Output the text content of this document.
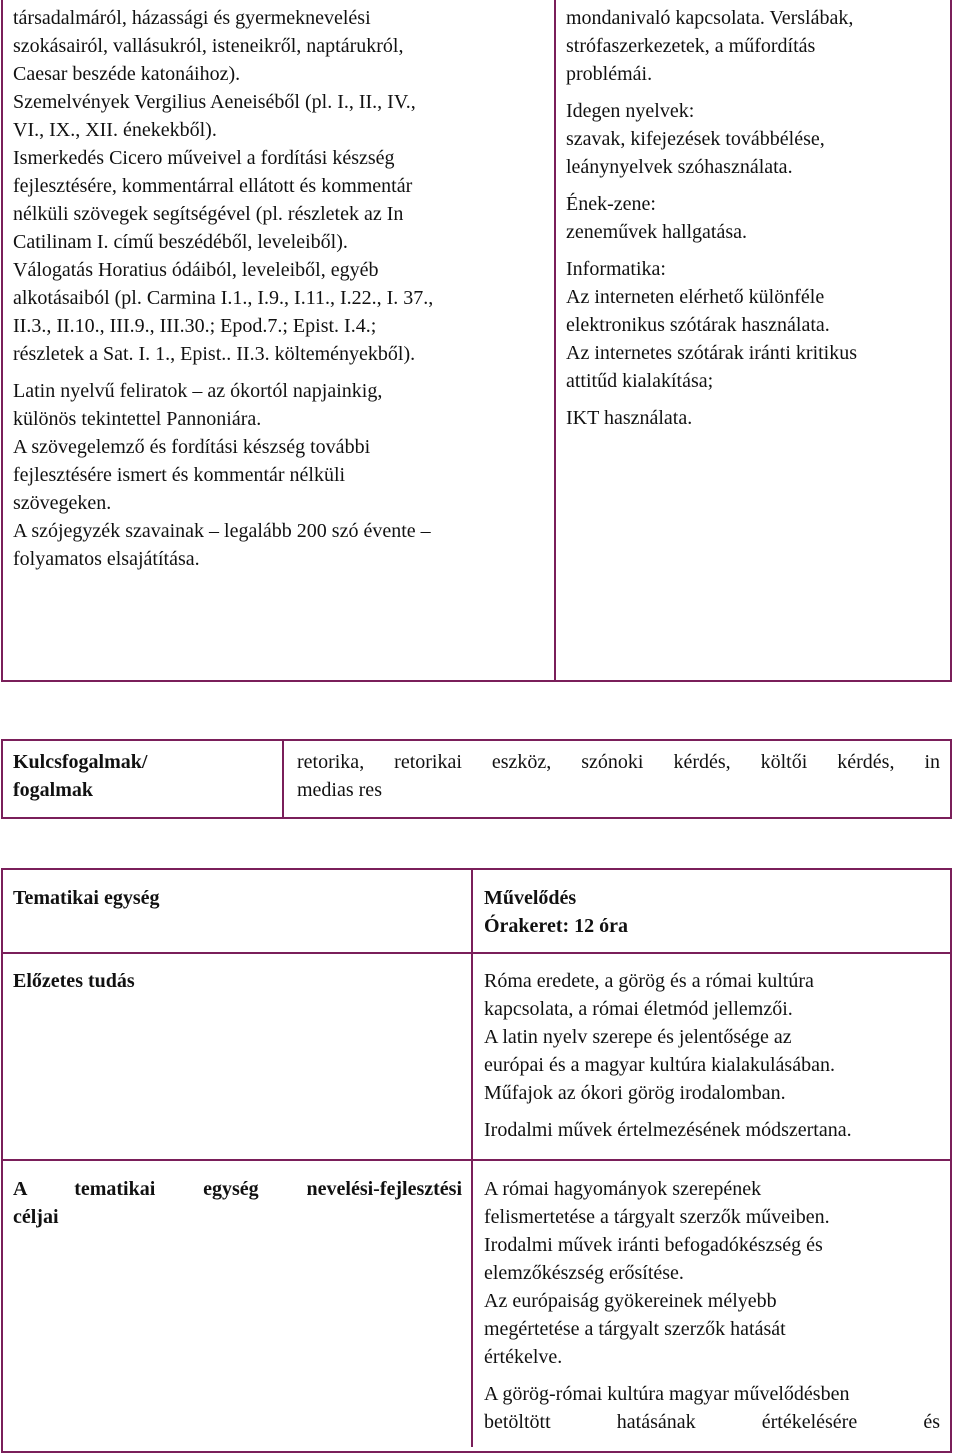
társadalmáról, házassági és gyermeknevelési

szokásairól, vallásukról, isteneikről, naptárukról,

Caesar beszéde katonáihoz).

Szemelvények Vergilius Aeneiséből (pl. I., II., IV.,

VI., IX., XII. énekekből).

Ismerkedés Cicero műveivel a fordítási készség

fejlesztésére, kommentárral ellátott és kommentár

nélküli szövegek segítségével (pl. részletek az In

Catilinam I. című beszédéből, leveleiből).

Válogatás Horatius ódáiból, leveleiből, egyéb

alkotásaiból (pl. Carmina I.1., I.9., I.11., I.22., I. 37.,

II.3., II.10., III.9., III.30.; Epod.7.; Epist. I.4.;

részletek a Sat. I. 1., Epist.. II.3. költeményekből).

Latin nyelvű feliratok – az ókortól napjainkig,

különös tekintettel Pannoniára.

A szövegelemző és fordítási készség további

fejlesztésére ismert és kommentár nélküli

szövegeken.

A szójegyzék szavainak – legalább 200 szó évente –

folyamatos elsajátítása.

mondanivaló kapcsolata. Verslábak,

strófaszerkezetek, a műfordítás

problémái.

Idegen nyelvek:

szavak, kifejezések továbbélése,

leánynyelvek szóhasználata.

Ének-zene:

zeneművek hallgatása.

Informatika:

Az interneten elérhető különféle

elektronikus szótárak használata.

Az internetes szótárak iránti kritikus

attitűd kialakítása;

IKT használata.

Kulcsfogalmak/

fogalmak

retorika, retorikai eszköz, szónoki kérdés, költői kérdés, in

medias res

Tematikai egység	Művelődés

Órakeret: 12 óra

Előzetes tudás	Róma eredete, a görög és a római kultúra

kapcsolata, a római életmód jellemzői.

A latin nyelv szerepe és jelentősége az

európai és a magyar kultúra kialakulásában.

Műfajok az ókori görög irodalomban.

Irodalmi művek értelmezésének módszertana.

A tematikai egység nevelési-fejlesztési

céljai

A római hagyományok szerepének

felismertetése a tárgyalt szerzők műveiben.

Irodalmi művek iránti befogadókészség és

elemzőkészség erősítése.

Az európaiság gyökereinek mélyebb

megértetése a tárgyalt szerzők hatását

értékelve.

A görög-római kultúra magyar művelődésben

betöltött hatásának értékelésére és
